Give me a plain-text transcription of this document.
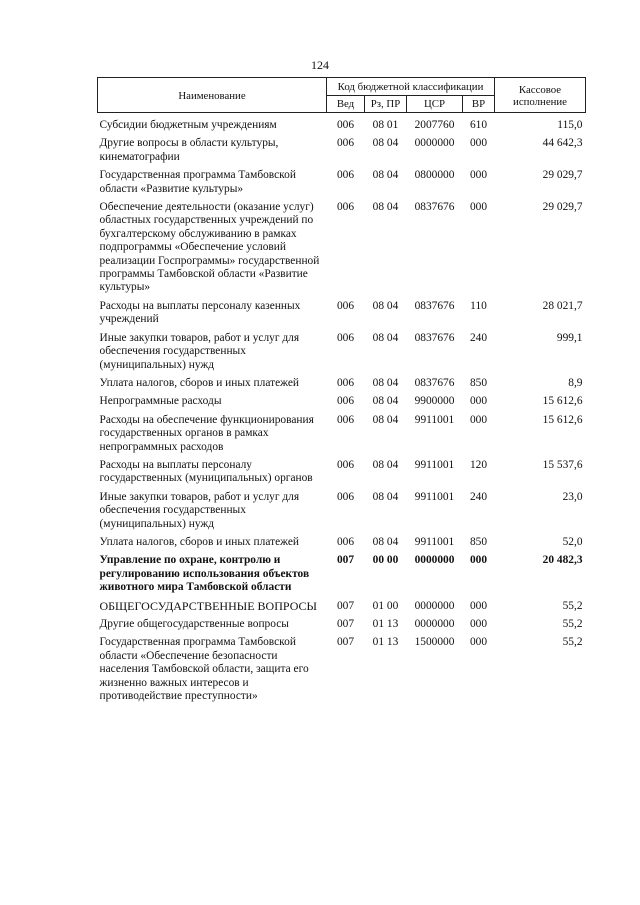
124
Наименование	Код бюджетной классификации				Кассовое исполнение
	Вед	Рз, ПР	ЦСР	ВР	
Субсидии бюджетным учреждениям	006	08 01	2007760	610	115,0
Другие вопросы в области культуры, кинематографии	006	08 04	0000000	000	44 642,3
Государственная программа Тамбовской области «Развитие культуры»	006	08 04	0800000	000	29 029,7
Обеспечение деятельности (оказание услуг) областных государственных учреждений по бухгалтерскому обслуживанию в рамках подпрограммы «Обеспечение условий реализации Госпрограммы» государственной программы Тамбовской области «Развитие культуры»	006	08 04	0837676	000	29 029,7
Расходы на выплаты персоналу казенных учреждений	006	08 04	0837676	110	28 021,7
Иные закупки товаров, работ и услуг для обеспечения государственных (муниципальных) нужд	006	08 04	0837676	240	999,1
Уплата налогов, сборов и иных платежей	006	08 04	0837676	850	8,9
Непрограммные расходы	006	08 04	9900000	000	15 612,6
Расходы на обеспечение функционирования государственных органов в рамках непрограммных расходов	006	08 04	9911001	000	15 612,6
Расходы на выплаты персоналу государственных (муниципальных) органов	006	08 04	9911001	120	15 537,6
Иные закупки товаров, работ и услуг для обеспечения государственных (муниципальных) нужд	006	08 04	9911001	240	23,0
Уплата налогов, сборов и иных платежей	006	08 04	9911001	850	52,0
Управление по охране, контролю и регулированию использования объектов животного мира Тамбовской области	007	00 00	0000000	000	20 482,3
ОБЩЕГОСУДАРСТВЕННЫЕ ВОПРОСЫ	007	01 00	0000000	000	55,2
Другие общегосударственные вопросы	007	01 13	0000000	000	55,2
Государственная программа Тамбовской области «Обеспечение безопасности населения Тамбовской области, защита его жизненно важных интересов и противодействие преступности»	007	01 13	1500000	000	55,2
